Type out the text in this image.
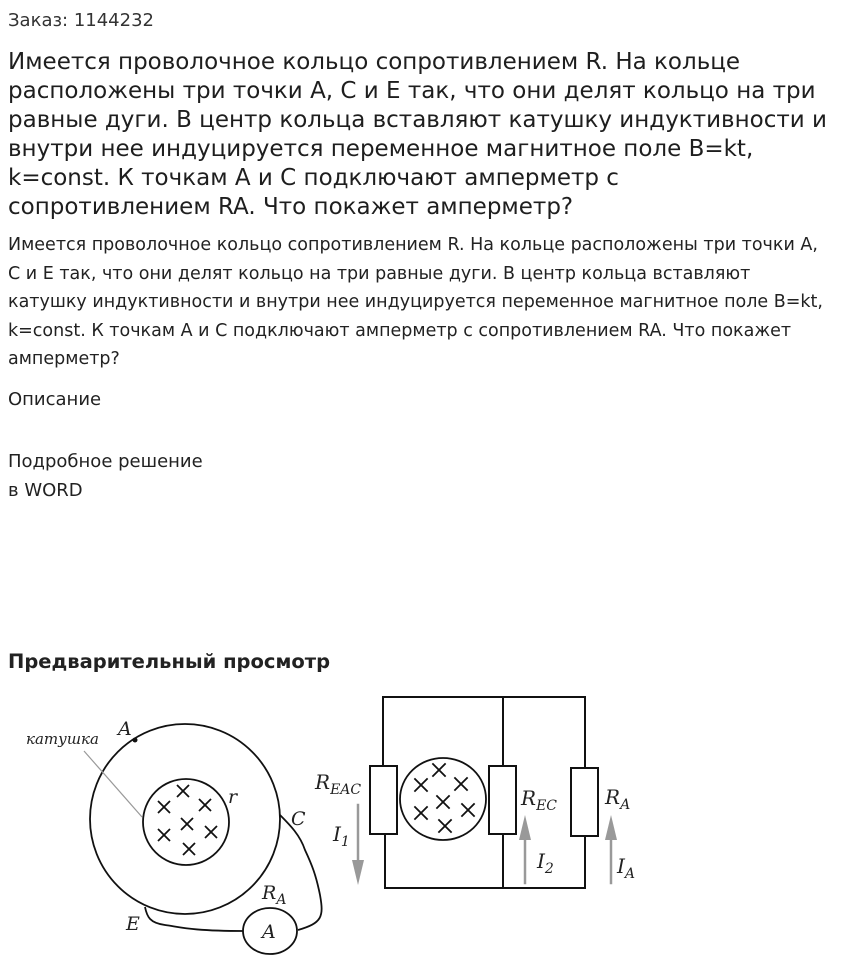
Заказ: 1144232
Имеется проволочное кольцо сопротивлением R. На кольце расположены три точки A, C и E так, что они делят кольцо на три равные дуги. В центр кольца вставляют катушку индуктивности и внутри нее индуцируется переменное магнитное поле B=kt, k=const. К точкам A и C подключают амперметр с сопротивлением RA. Что покажет амперметр?

Имеется проволочное кольцо сопротивлением R. На кольце расположены три точки A, C и E так, что они делят кольцо на три равные дуги. В центр кольца вставляют катушку индуктивности и внутри нее индуцируется переменное магнитное поле B=kt, k=const. К точкам A и C подключают амперметр с сопротивлением RA. Что покажет амперметр?

Описание
Подробное решение
в WORD
Предварительный просмотр
катушка A
r
C
E	A
$R_A$
$R_{EAC}$	$R_{EC}$ $R_A$
$I_1$
$I_2$	$I_A$
